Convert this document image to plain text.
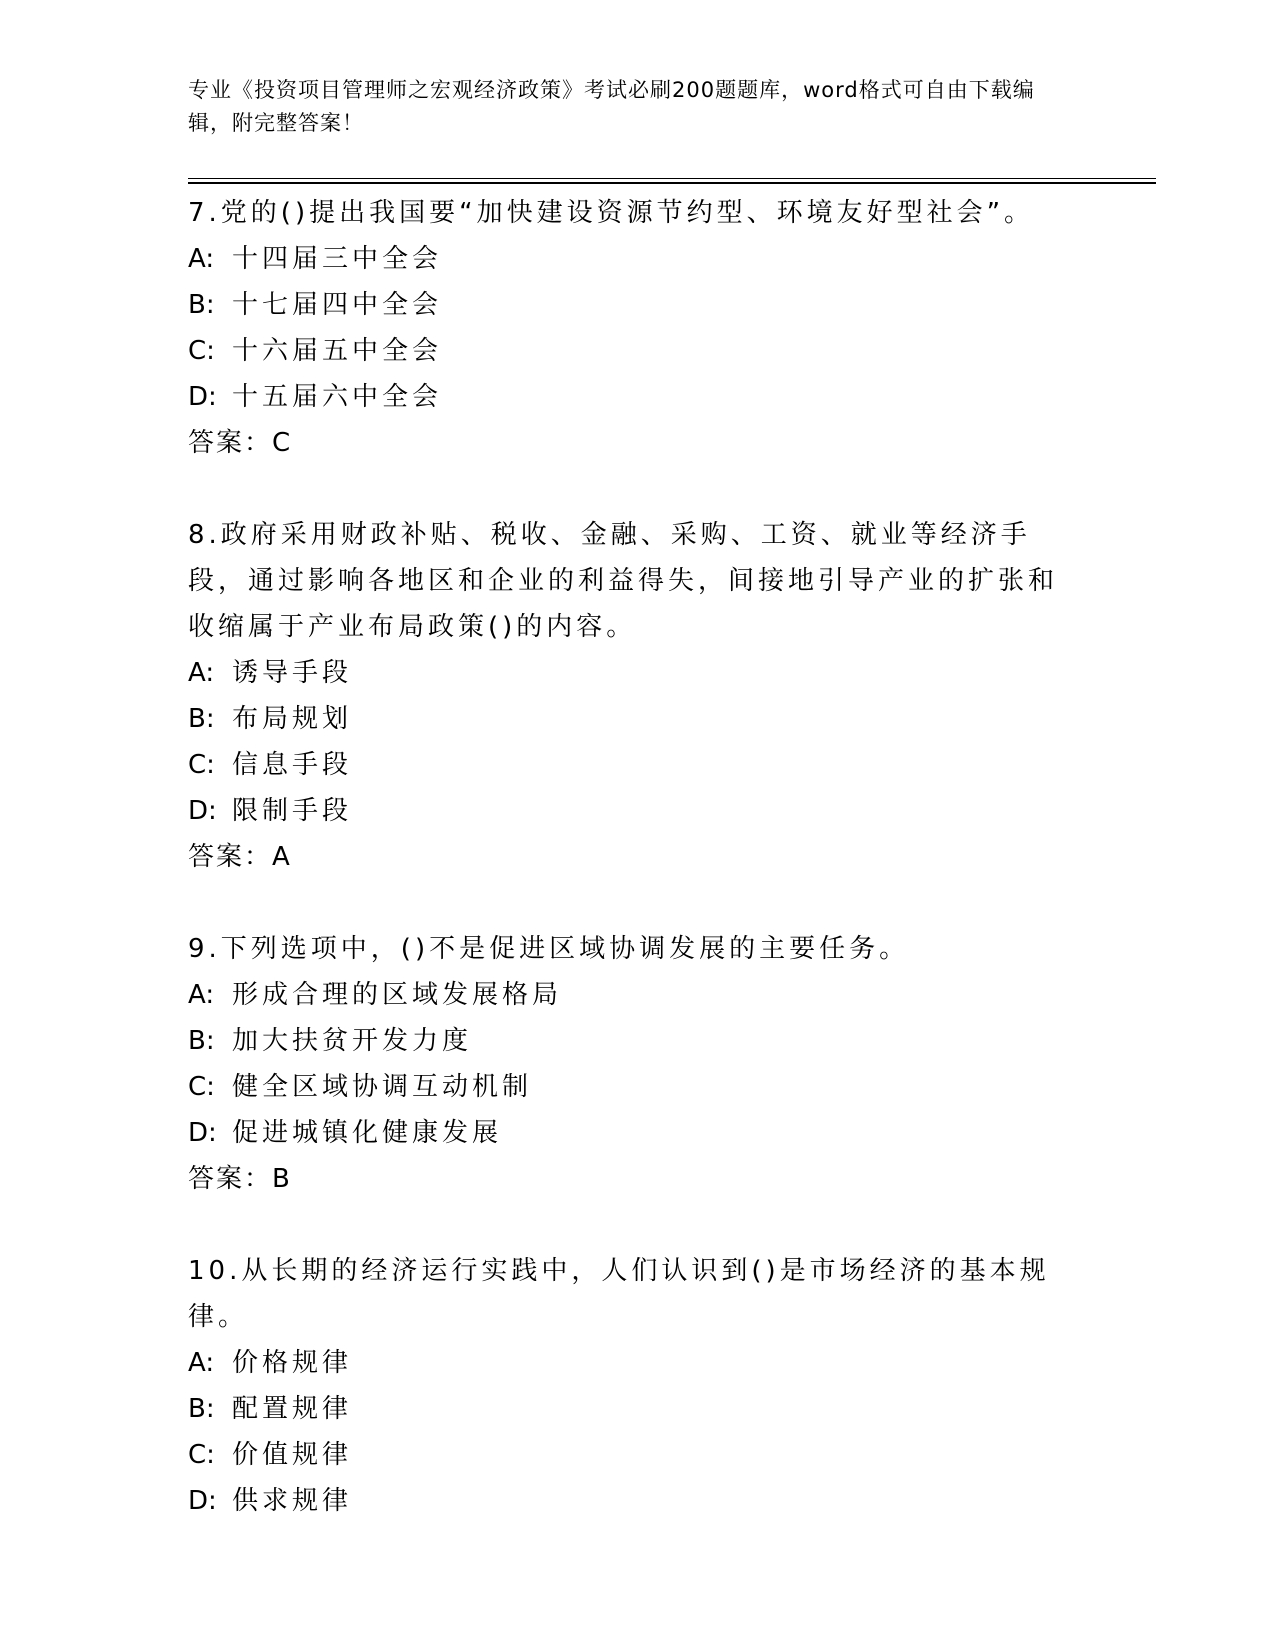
专业《投资项目管理师之宏观经济政策》考试必刷200题题库，word格式可自由下载编辑，附完整答案！

7.党的()提出我国要“加快建设资源节约型、环境友好型社会”。

A: 十四届三中全会

B: 十七届四中全会

C: 十六届五中全会

D: 十五届六中全会

答案：C

8.政府采用财政补贴、税收、金融、采购、工资、就业等经济手段，通过影响各地区和企业的利益得失，间接地引导产业的扩张和收缩属于产业布局政策()的内容。

A: 诱导手段

B: 布局规划

C: 信息手段

D: 限制手段

答案：A

9.下列选项中，()不是促进区域协调发展的主要任务。

A: 形成合理的区域发展格局

B: 加大扶贫开发力度

C: 健全区域协调互动机制

D: 促进城镇化健康发展

答案：B

10.从长期的经济运行实践中，人们认识到()是市场经济的基本规律。

A: 价格规律

B: 配置规律

C: 价值规律

D: 供求规律
